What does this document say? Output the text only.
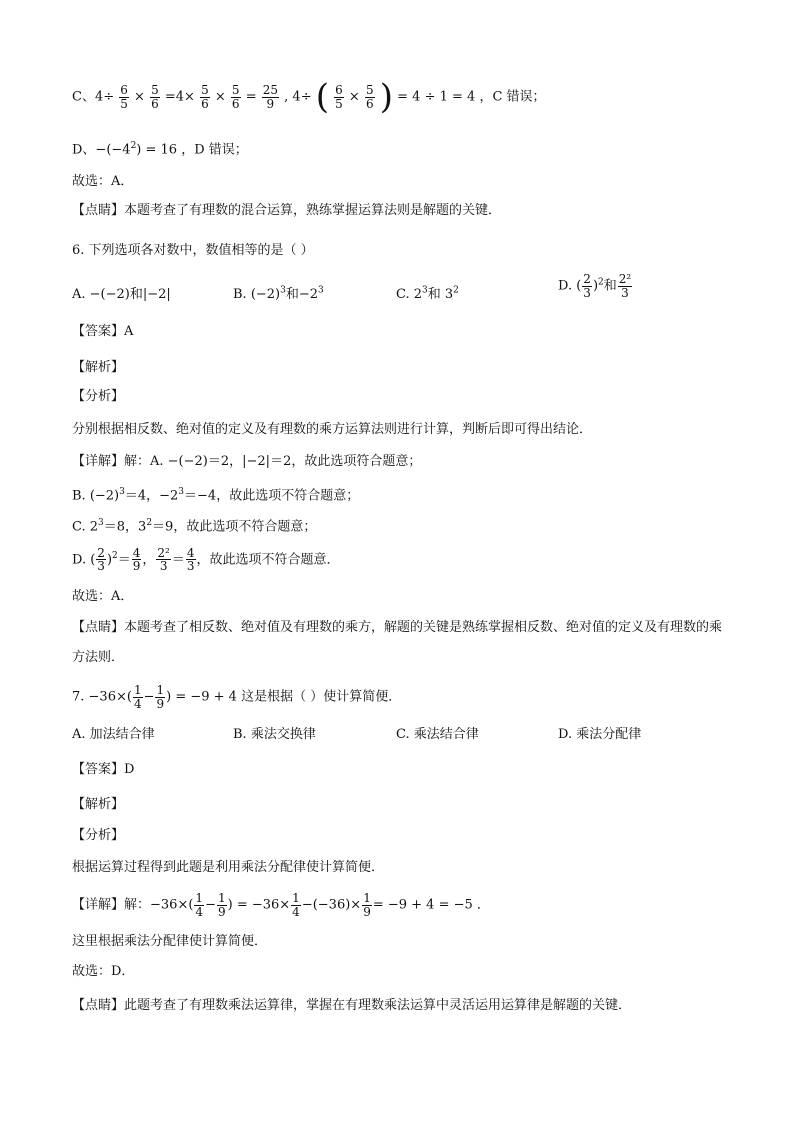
C、$4\div \frac{6}{5} \times \frac{5}{6} =4\times \frac{5}{6} \times \frac{5}{6} = \frac{25}{9}$ , 4÷ ( $\frac{6}{5} \times \frac{5}{6}$ ) = 4 ÷ 1 = 4 ，C 错误；
D、$-(-4^2) = 16$ ，D 错误；
故选：A．
【点睛】本题考查了有理数的混合运算，熟练掌握运算法则是解题的关键．
6. 下列选项各对数中，数值相等的是（ ）
A. −(−2)和|−2|	B. $(-2)^3$和$-2^3$	C. $2^3$和 $3^2$	D. ( $\frac{2}{3} )^2$和 $\frac{\text{2²}}{3}$
【答案】A
【解析】
【分析】
分别根据相反数、绝对值的定义及有理数的乘方运算法则进行计算，判断后即可得出结论．
【详解】解：A. −(−2)＝2，|−2|＝2，故此选项符合题意；
B. $(-2)^3=4$，$-2^3=-4$，故此选项不符合题意；
C. $2^3=8$，$3^2=9$，故此选项不符合题意；
D. ( $\frac{2}{3} )^2= \frac{4}{9}$ ， $\frac{\text{2²}}{3} = \frac{4}{3}$ ，故此选项不符合题意．
故选：A．
【点睛】本题考查了相反数、绝对值及有理数的乘方，解题的关键是熟练掌握相反数、绝对值的定义及有理数的乘方法则．
7. $-36\times( \frac{1}{4} - \frac{1}{9}$ ) = −9 + 4 这是根据（ ）使计算简便．
A. 加法结合律	B. 乘法交换律	C. 乘法结合律	D. 乘法分配律
【答案】D
【解析】
【分析】
根据运算过程得到此题是利用乘法分配律使计算简便．
【详解】解：$-36\times( \frac{1}{4} - \frac{1}{9}$ ) = $-36\times \frac{1}{4} -(-36)\times \frac{1}{9} = -9 + 4 = -5$ ．
这里根据乘法分配律使计算简便．
故选：D．
【点睛】此题考查了有理数乘法运算律，掌握在有理数乘法运算中灵活运用运算律是解题的关键．
